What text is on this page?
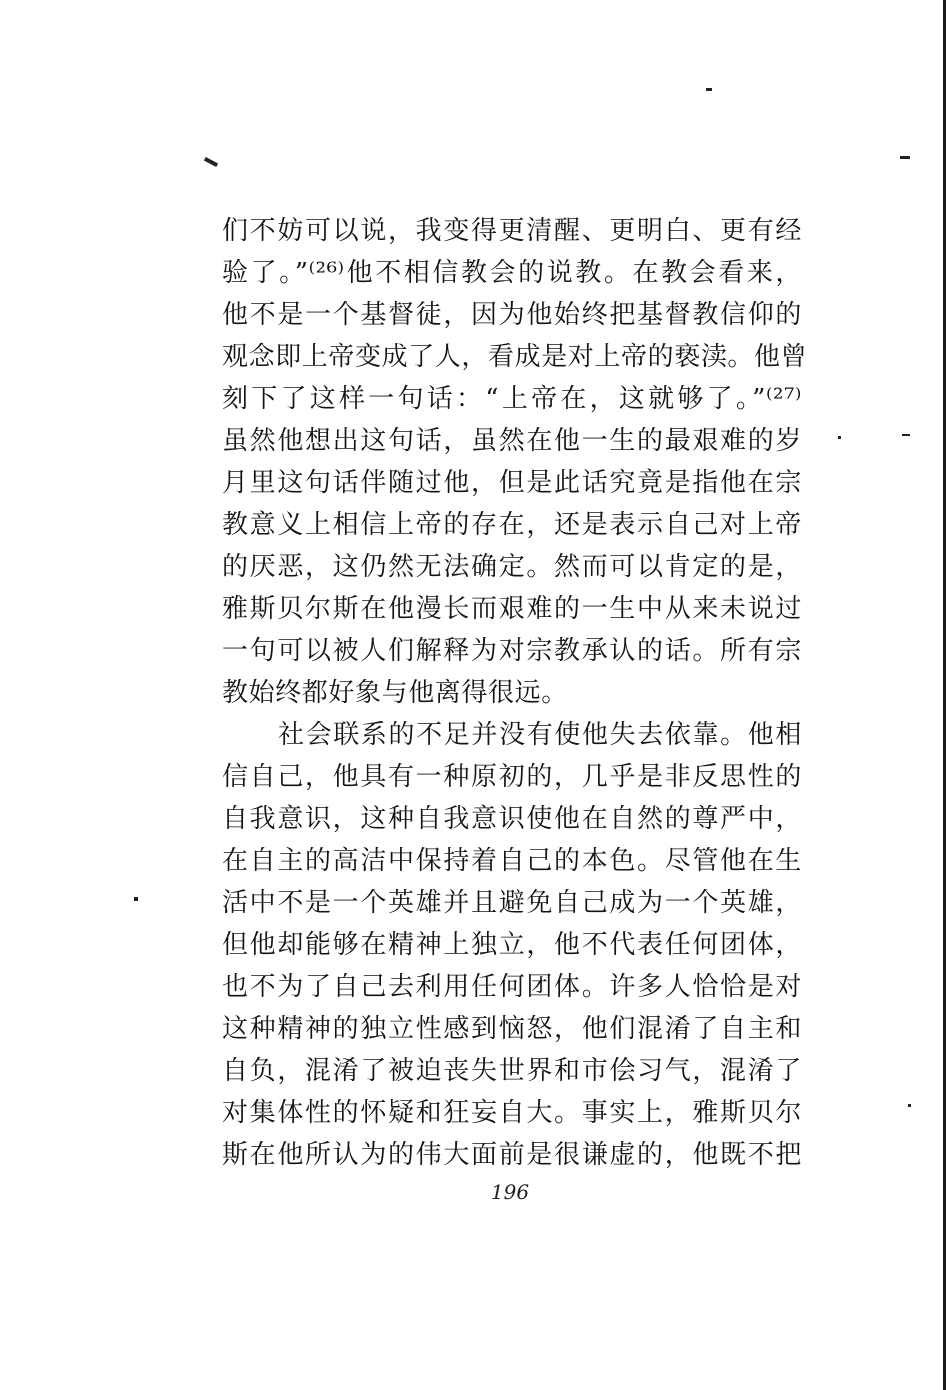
们不妨可以说，我变得更清醒、更明白、更有经
验了。”⁽²⁶⁾他不相信教会的说教。在教会看来，
他不是一个基督徒，因为他始终把基督教信仰的
观念即上帝变成了人，看成是对上帝的亵渎。他曾
刻下了这样一句话：“上帝在，这就够了。”⁽²⁷⁾
虽然他想出这句话，虽然在他一生的最艰难的岁
月里这句话伴随过他，但是此话究竟是指他在宗
教意义上相信上帝的存在，还是表示自己对上帝
的厌恶，这仍然无法确定。然而可以肯定的是，
雅斯贝尔斯在他漫长而艰难的一生中从来未说过
一句可以被人们解释为对宗教承认的话。所有宗
教始终都好象与他离得很远。
社会联系的不足并没有使他失去依靠。他相
信自己，他具有一种原初的，几乎是非反思性的
自我意识，这种自我意识使他在自然的尊严中，
在自主的高洁中保持着自己的本色。尽管他在生
活中不是一个英雄并且避免自己成为一个英雄，
但他却能够在精神上独立，他不代表任何团体，
也不为了自己去利用任何团体。许多人恰恰是对
这种精神的独立性感到恼怒，他们混淆了自主和
自负，混淆了被迫丧失世界和市侩习气，混淆了
对集体性的怀疑和狂妄自大。事实上，雅斯贝尔
斯在他所认为的伟大面前是很谦虚的，他既不把
196
